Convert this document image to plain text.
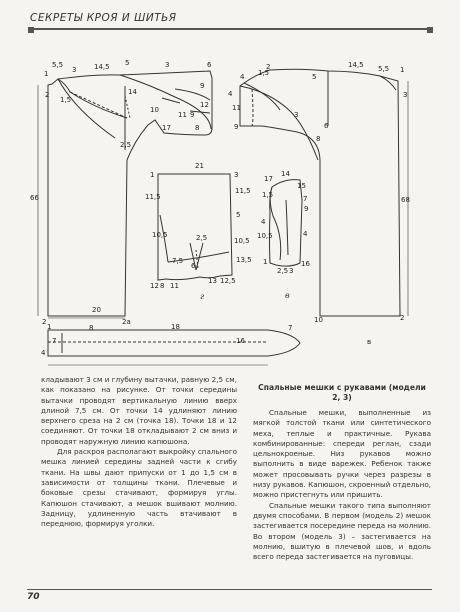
СЕКРЕТЫ КРОЯ И ШИТЬЯ
1
5,5
3	14,5 5	3	6
2
1,5
14
9
12
11 9
8
10
17
2,5
2
4
2а
20
8	18	7
7	16
66
1
4 1,5
2	14,5 5,5 1
11
4
5
3
8
6
9
68
10	2
в
3
1
21
3
11,5
11,5
5
10,5
10,5
12 8 11
6
13,5
12,5
13
7,5
2,5
17
14
15
1,5	7
9
4
10,5
1
2,5 3
16
4
г	в

кладывают 3 см и глубину вытачки, равную 2,5 см, как показано на рисунке. От точки середины вытачки проводят вертикальную линию вверх длиной 7,5 см. От точки 14 удлиняют линию верхнего среза на 2 см (точка 18). Точки 18 и 12 соединяют. От точки 18 откладывают 2 см вниз и проводят наружную линию капюшона.

Для раскроя располагают выкройку спального мешка линией середины задней части к сгибу ткани. На швы дают припуски от 1 до 1,5 см в зависимости от толщины ткани. Плечевые и боковые срезы стачивают, формируя углы. Капюшон стачивают, а мешок вшивают молнию. Задницу, удлиненную часть втачивают в переднюю, формируя уголки.

Спальные мешки с рукавами (модели 2, 3)

Спальные мешки, выполненные из мягкой толстой ткани или синтетического меха, теплые и практичные. Рукава комбинированные: спереди реглан, сзади цельнокроеные. Низ рукавов можно выполнить в виде варежек. Ребенок также может просовывать ручки через разрезы в низу рукавов. Капюшон, скроенный отдельно, можно пристегнуть или пришить.

Спальные мешки такого типа выполняют двумя способами. В первом (модель 2) мешок застегивается посередине переда на молнию. Во втором (модель 3) – застегивается на молнию, вшитую в плечевой шов, и вдоль всего переда застегивается на пуговицы.

70
